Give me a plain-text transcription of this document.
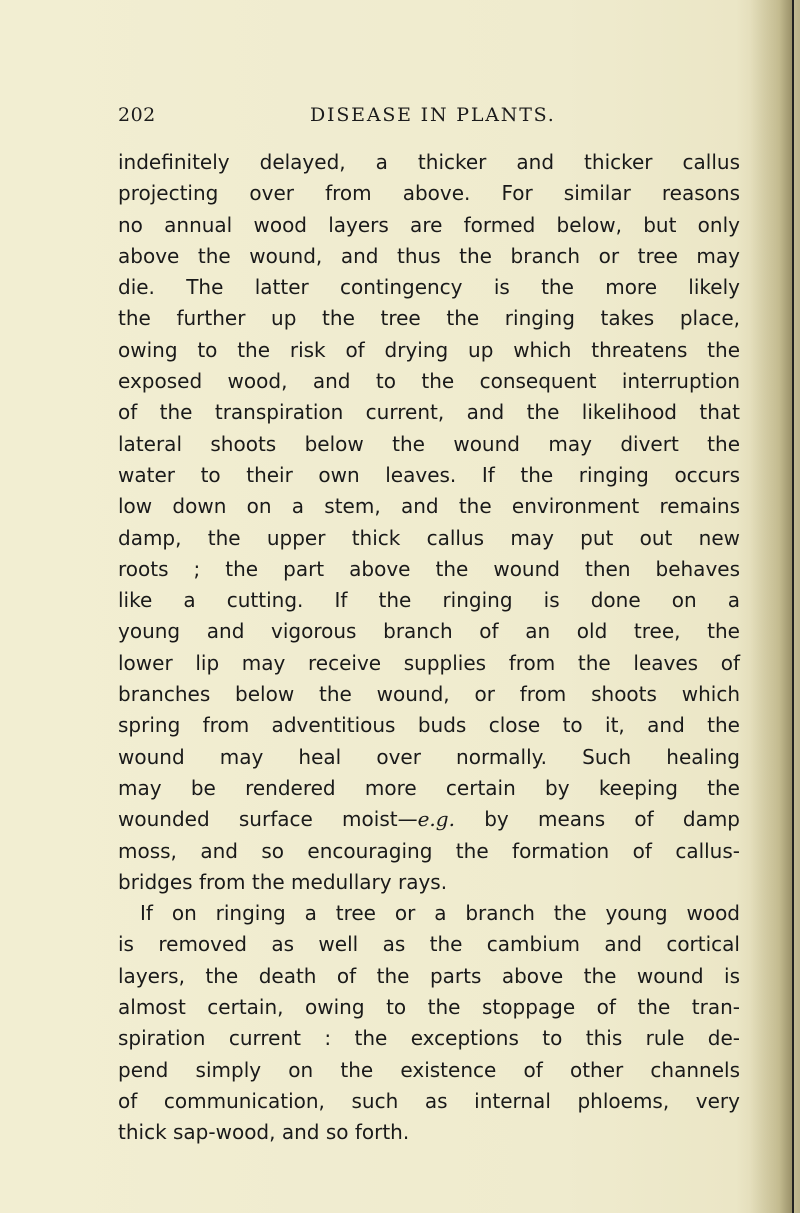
202	DISEASE IN PLANTS.
indefinitely delayed, a thicker and thicker callus
projecting over from above. For similar reasons
no annual wood layers are formed below, but only
above the wound, and thus the branch or tree may
die. The latter contingency is the more likely
the further up the tree the ringing takes place,
owing to the risk of drying up which threatens the
exposed wood, and to the consequent interruption
of the transpiration current, and the likelihood that
lateral shoots below the wound may divert the
water to their own leaves. If the ringing occurs
low down on a stem, and the environment remains
damp, the upper thick callus may put out new
roots ; the part above the wound then behaves
like a cutting. If the ringing is done on a
young and vigorous branch of an old tree, the
lower lip may receive supplies from the leaves of
branches below the wound, or from shoots which
spring from adventitious buds close to it, and the
wound may heal over normally. Such healing
may be rendered more certain by keeping the
wounded surface moist—e.g. by means of damp
moss, and so encouraging the formation of callus-
bridges from the medullary rays.
If on ringing a tree or a branch the young wood
is removed as well as the cambium and cortical
layers, the death of the parts above the wound is
almost certain, owing to the stoppage of the tran-
spiration current : the exceptions to this rule de-
pend simply on the existence of other channels
of communication, such as internal phloems, very
thick sap-wood, and so forth.
